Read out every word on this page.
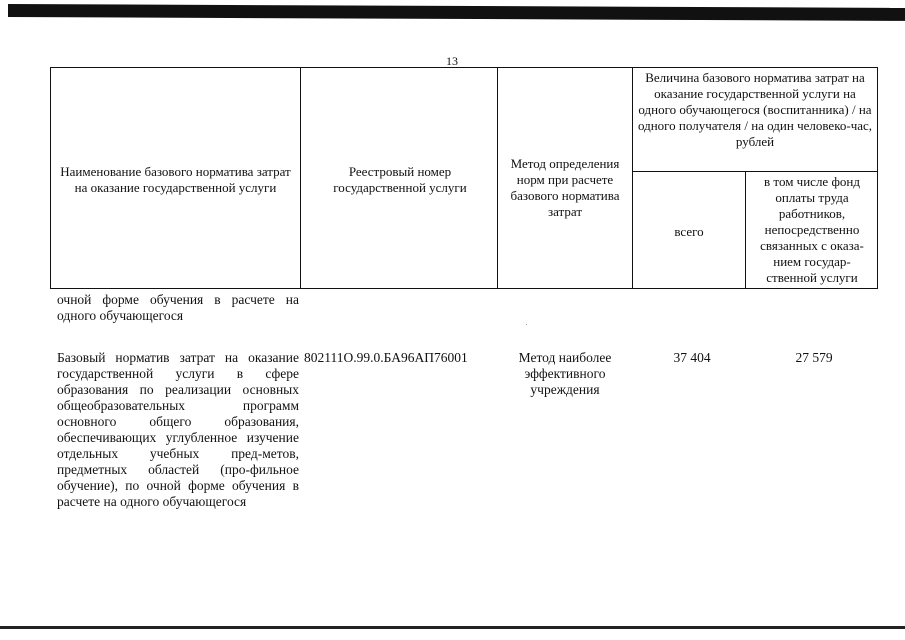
13
Наименование базового норматива затрат на оказание государственной услуги
Реестровый номер государственной услуги
Метод определения норм при расчете базового норматива затрат
Величина базового норматива затрат на оказание государственной услуги на одного обучающегося (воспитанника) / на одного получателя / на один человеко-час, рублей
всего
в том числе фонд оплаты труда работников, непосредственно связанных с оказа-нием государ-ственной услуги
очной форме обучения в расчете на одного обучающегося
Базовый норматив затрат на оказание государственной услуги в сфере образования по реализации основных общеобразовательных программ основного общего образования, обеспечивающих углубленное изучение отдельных учебных пред-метов, предметных областей (про-фильное обучение), по очной форме обучения в расчете на одного обучающегося
802111О.99.0.БА96АП76001	Метод наиболее эффективного учреждения
37 404	27 579
